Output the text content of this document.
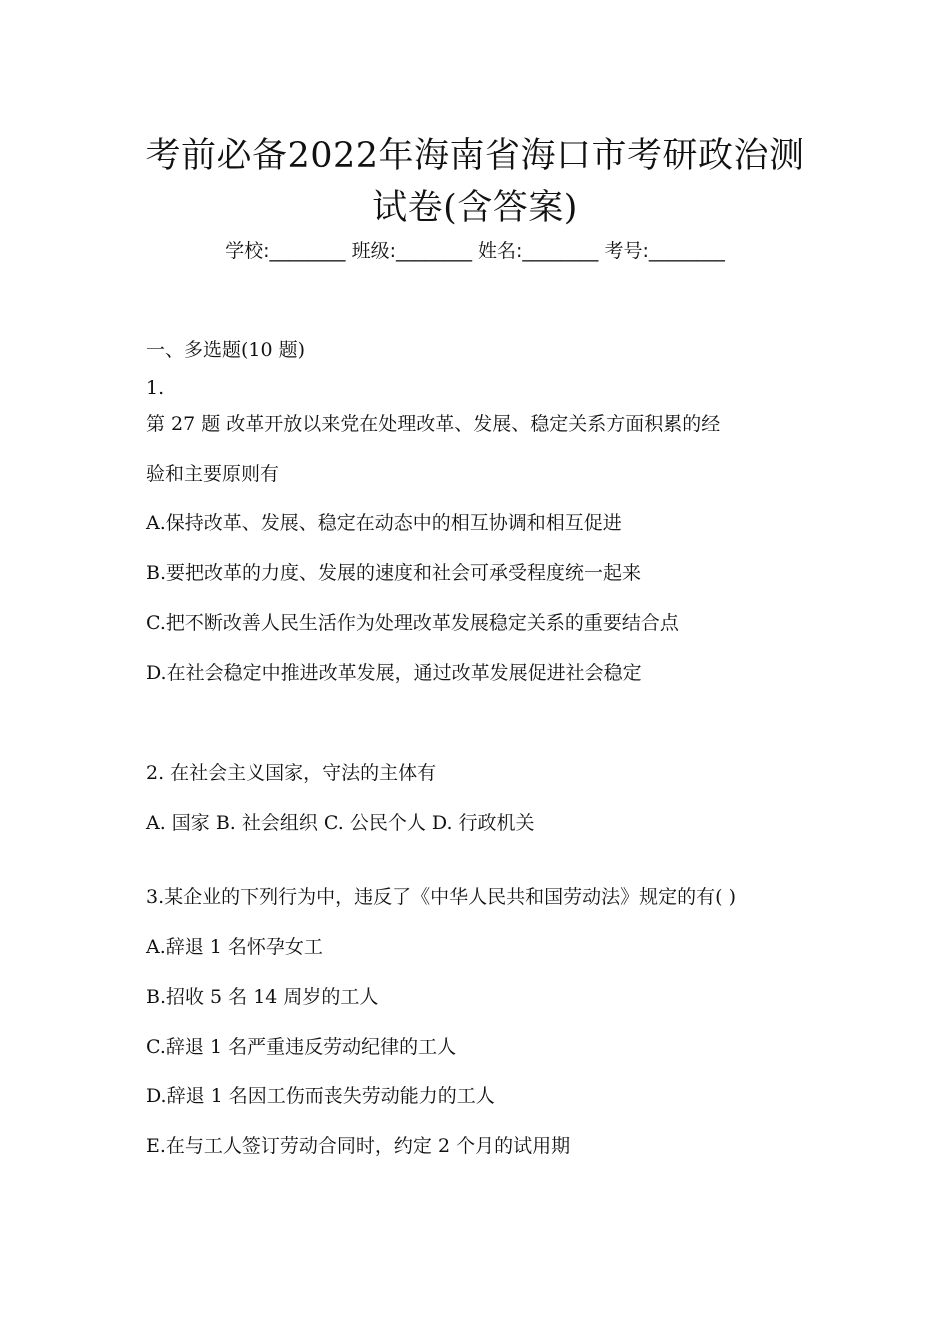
考前必备2022年海南省海口市考研政治测
试卷(含答案)
学校:________ 班级:________ 姓名:________ 考号:________
一、多选题(10 题)
1.
第 27 题 改革开放以来党在处理改革、发展、稳定关系方面积累的经
验和主要原则有
A.保持改革、发展、稳定在动态中的相互协调和相互促进
B.要把改革的力度、发展的速度和社会可承受程度统一起来
C.把不断改善人民生活作为处理改革发展稳定关系的重要结合点
D.在社会稳定中推进改革发展，通过改革发展促进社会稳定
2. 在社会主义国家，守法的主体有
A. 国家 B. 社会组织 C. 公民个人 D. 行政机关
3.某企业的下列行为中，违反了《中华人民共和国劳动法》规定的有( )
A.辞退 1 名怀孕女工
B.招收 5 名 14 周岁的工人
C.辞退 1 名严重违反劳动纪律的工人
D.辞退 1 名因工伤而丧失劳动能力的工人
E.在与工人签订劳动合同时，约定 2 个月的试用期
